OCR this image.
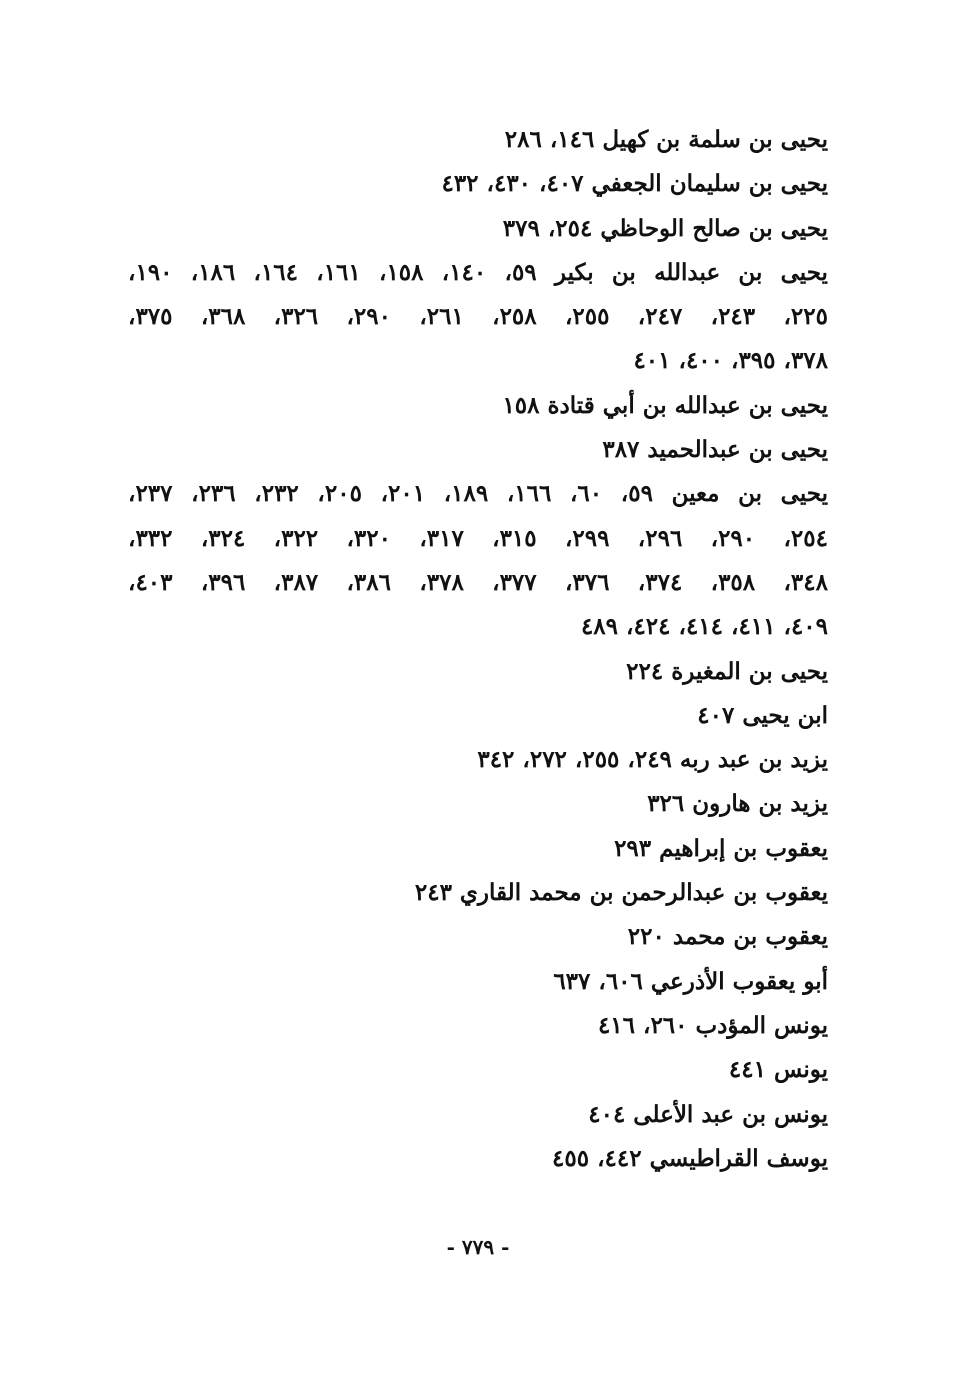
يحيى بن سلمة بن كهيل ١٤٦، ٢٨٦
يحيى بن سليمان الجعفي ٤٠٧، ٤٣٠، ٤٣٢
يحيى بن صالح الوحاظي ٢٥٤، ٣٧٩
يحيى بن عبدالله بن بكير ٥٩، ١٤٠، ١٥٨، ١٦١، ١٦٤، ١٨٦، ١٩٠،
٢٢٥، ٢٤٣، ٢٤٧، ٢٥٥، ٢٥٨، ٢٦١، ٢٩٠، ٣٢٦، ٣٦٨، ٣٧٥،
٣٧٨، ٣٩٥، ٤٠٠، ٤٠١
يحيى بن عبدالله بن أبي قتادة ١٥٨
يحيى بن عبدالحميد ٣٨٧
يحيى بن معين ٥٩، ٦٠، ١٦٦، ١٨٩، ٢٠١، ٢٠٥، ٢٣٢، ٢٣٦، ٢٣٧،
٢٥٤، ٢٩٠، ٢٩٦، ٢٩٩، ٣١٥، ٣١٧، ٣٢٠، ٣٢٢، ٣٢٤، ٣٣٢،
٣٤٨، ٣٥٨، ٣٧٤، ٣٧٦، ٣٧٧، ٣٧٨، ٣٨٦، ٣٨٧، ٣٩٦، ٤٠٣،
٤٠٩، ٤١١، ٤١٤، ٤٢٤، ٤٨٩
يحيى بن المغيرة ٢٢٤
ابن يحيى ٤٠٧
يزيد بن عبد ربه ٢٤٩، ٢٥٥، ٢٧٢، ٣٤٢
يزيد بن هارون ٣٢٦
يعقوب بن إبراهيم ٢٩٣
يعقوب بن عبدالرحمن بن محمد القاري ٢٤٣
يعقوب بن محمد ٢٢٠
أبو يعقوب الأذرعي ٦٠٦، ٦٣٧
يونس المؤدب ٢٦٠، ٤١٦
يونس ٤٤١
يونس بن عبد الأعلى ٤٠٤
يوسف القراطيسي ٤٤٢، ٤٥٥
- ٧٧٩ -
